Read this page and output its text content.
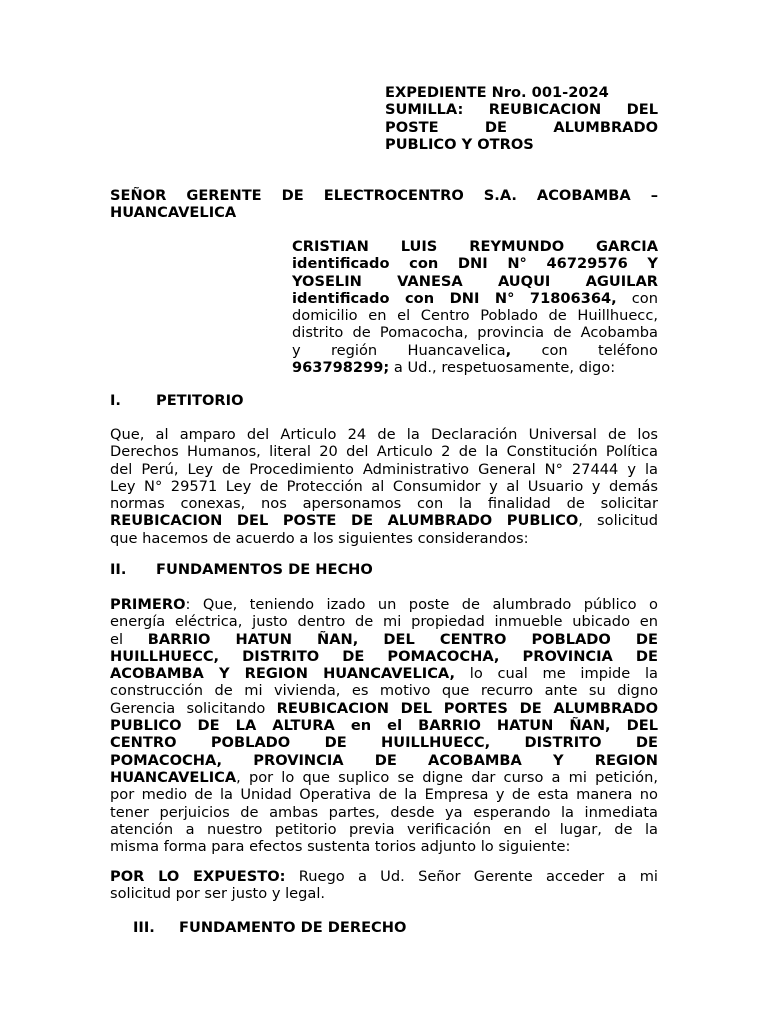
EXPEDIENTE Nro. 001-2024
SUMILLA: REUBICACION DEL
POSTE DE ALUMBRADO
PUBLICO Y OTROS
SEÑOR GERENTE DE ELECTROCENTRO S.A. ACOBAMBA –
HUANCAVELICA
CRISTIAN LUIS REYMUNDO GARCIA
identificado con DNI N° 46729576 Y
YOSELIN VANESA AUQUI AGUILAR
identificado con DNI N° 71806364, con
domicilio en el Centro Poblado de Huillhuecc,
distrito de Pomacocha, provincia de Acobamba
y región Huancavelica, con teléfono
963798299; a Ud., respetuosamente, digo:
I. PETITORIO
Que, al amparo del Articulo 24 de la Declaración Universal de los
Derechos Humanos, literal 20 del Articulo 2 de la Constitución Política
del Perú, Ley de Procedimiento Administrativo General N° 27444 y la
Ley N° 29571 Ley de Protección al Consumidor y al Usuario y demás
normas conexas, nos apersonamos con la finalidad de solicitar
REUBICACION DEL POSTE DE ALUMBRADO PUBLICO, solicitud
que hacemos de acuerdo a los siguientes considerandos:
II. FUNDAMENTOS DE HECHO
PRIMERO: Que, teniendo izado un poste de alumbrado público o
energía eléctrica, justo dentro de mi propiedad inmueble ubicado en
el BARRIO HATUN ÑAN, DEL CENTRO POBLADO DE
HUILLHUECC, DISTRITO DE POMACOCHA, PROVINCIA DE
ACOBAMBA Y REGION HUANCAVELICA, lo cual me impide la
construcción de mi vivienda, es motivo que recurro ante su digno
Gerencia solicitando REUBICACION DEL PORTES DE ALUMBRADO
PUBLICO DE LA ALTURA en el BARRIO HATUN ÑAN, DEL
CENTRO POBLADO DE HUILLHUECC, DISTRITO DE
POMACOCHA, PROVINCIA DE ACOBAMBA Y REGION
HUANCAVELICA, por lo que suplico se digne dar curso a mi petición,
por medio de la Unidad Operativa de la Empresa y de esta manera no
tener perjuicios de ambas partes, desde ya esperando la inmediata
atención a nuestro petitorio previa verificación en el lugar, de la
misma forma para efectos sustenta torios adjunto lo siguiente:
POR LO EXPUESTO: Ruego a Ud. Señor Gerente acceder a mi
solicitud por ser justo y legal.
III. FUNDAMENTO DE DERECHO
